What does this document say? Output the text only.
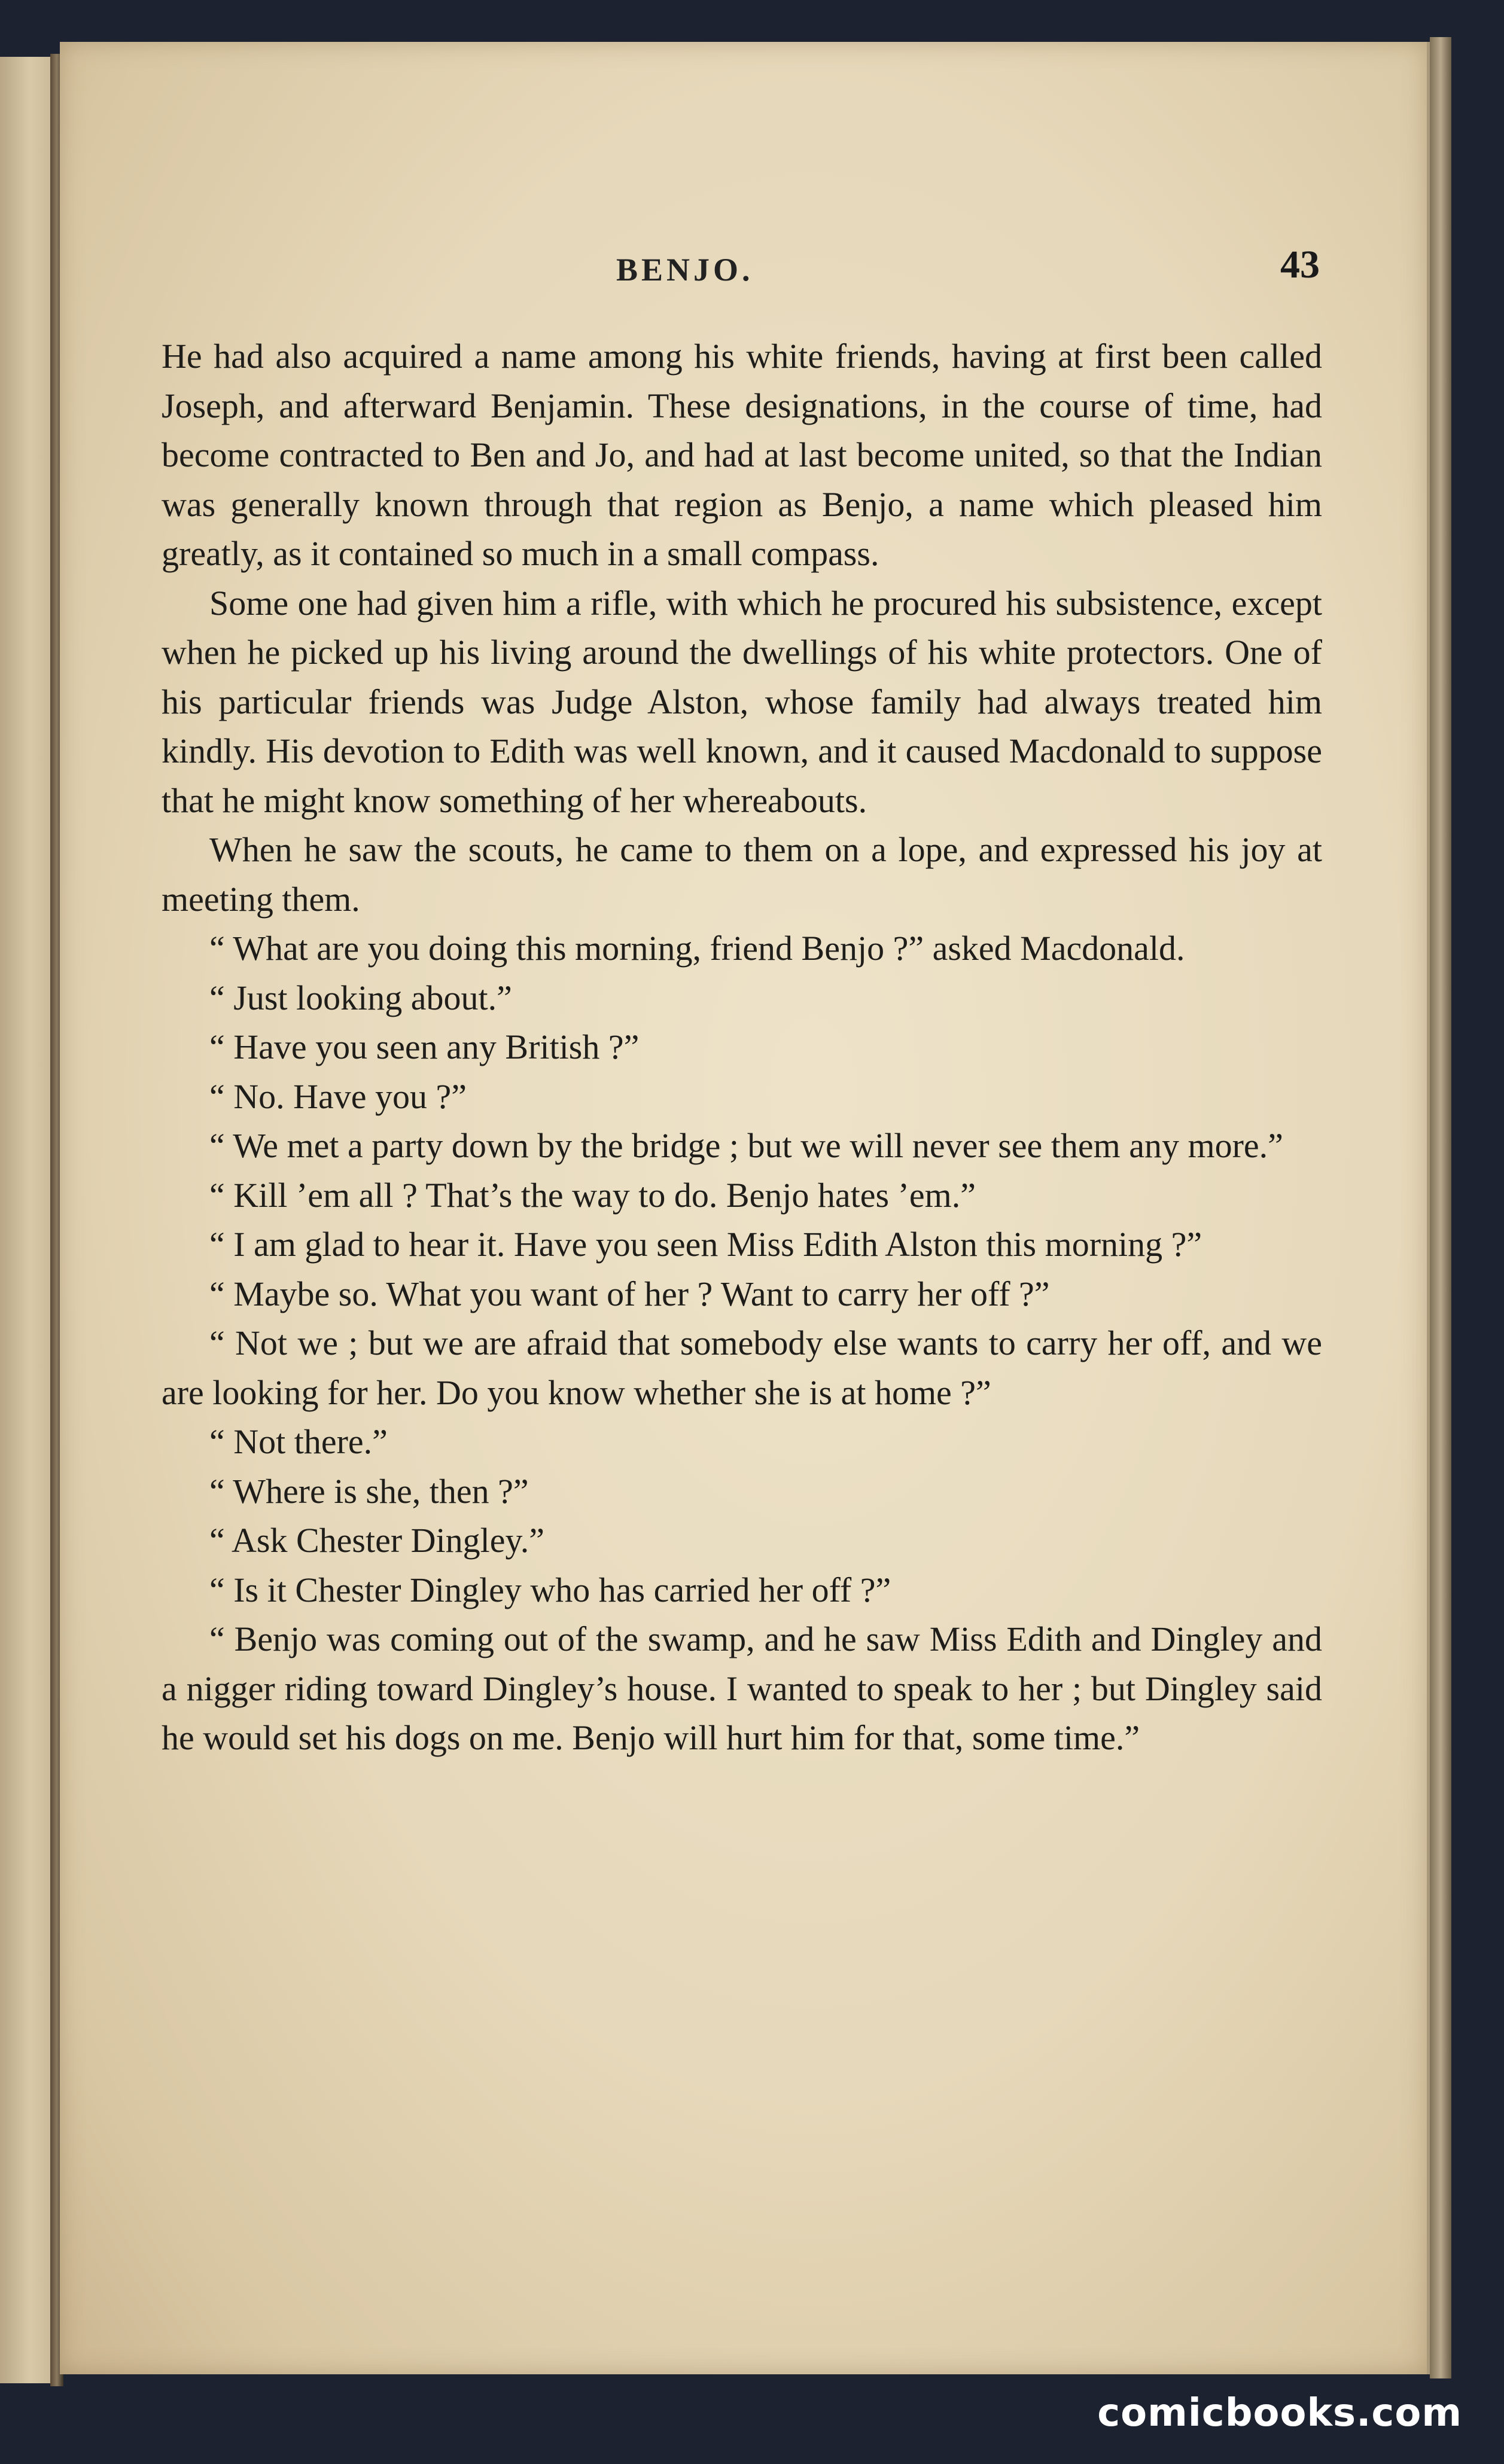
BENJO.	43

He had also acquired a name among his white friends, having at first been called Joseph, and afterward Benjamin. These designations, in the course of time, had become contracted to Ben and Jo, and had at last become united, so that the Indian was generally known through that region as Benjo, a name which pleased him greatly, as it contained so much in a small compass.

Some one had given him a rifle, with which he procured his subsistence, except when he picked up his living around the dwellings of his white protectors. One of his particular friends was Judge Alston, whose family had always treated him kindly. His devotion to Edith was well known, and it caused Macdonald to suppose that he might know something of her whereabouts.

When he saw the scouts, he came to them on a lope, and expressed his joy at meeting them.

“ What are you doing this morning, friend Benjo ?” asked Macdonald.

“ Just looking about.”

“ Have you seen any British ?”

“ No. Have you ?”

“ We met a party down by the bridge ; but we will never see them any more.”

“ Kill ’em all ? That’s the way to do. Benjo hates ’em.”

“ I am glad to hear it. Have you seen Miss Edith Alston this morning ?”

“ Maybe so. What you want of her ? Want to carry her off ?”

“ Not we ; but we are afraid that somebody else wants to carry her off, and we are looking for her. Do you know whether she is at home ?”

“ Not there.”

“ Where is she, then ?”

“ Ask Chester Dingley.”

“ Is it Chester Dingley who has carried her off ?”

“ Benjo was coming out of the swamp, and he saw Miss Edith and Dingley and a nigger riding toward Dingley’s house. I wanted to speak to her ; but Dingley said he would set his dogs on me. Benjo will hurt him for that, some time.”

comicbooks.com
